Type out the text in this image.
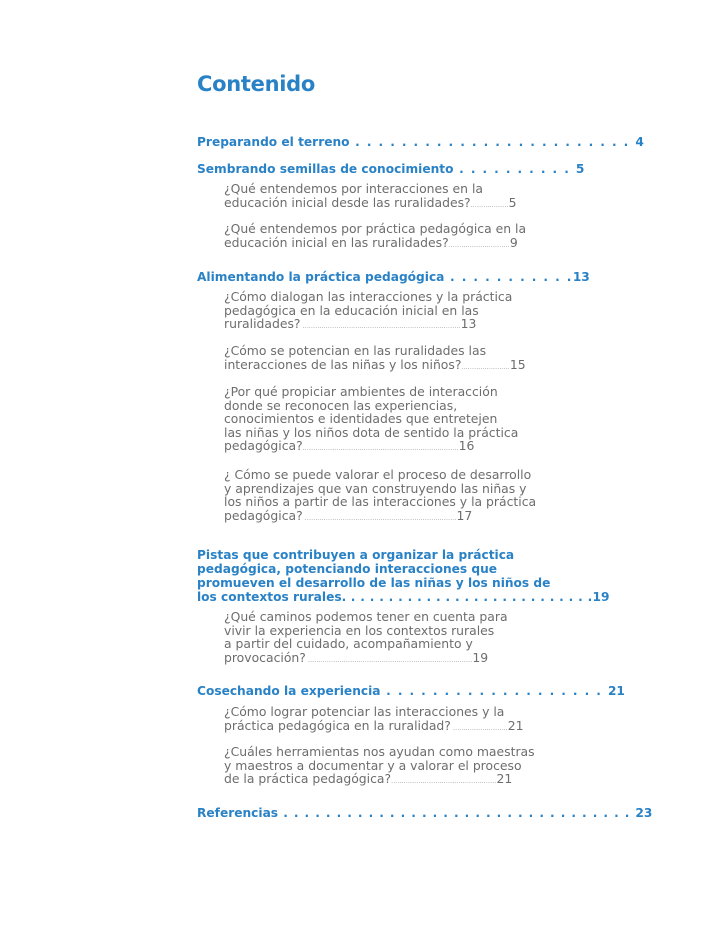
Contenido
Preparando el terreno . . . . . . . . . . . . . . . . . . . . . . . . 4
Sembrando semillas de conocimiento . . . . . . . . . . 5
¿Qué entendemos por interacciones en la
educación inicial desde las ruralidades?..................5
¿Qué entendemos por práctica pedagógica en la
educación inicial en las ruralidades?.............................9
Alimentando la práctica pedagógica . . . . . . . . . . .13
¿Cómo dialogan las interacciones y la práctica
pedagógica en la educación inicial en las
ruralidades? ...........................................................................13
¿Cómo se potencian en las ruralidades las
interacciones de las niñas y los niños?.......................15
¿Por qué propiciar ambientes de interacción
donde se reconocen las experiencias,
conocimientos e identidades que entretejen
las niñas y los niños dota de sentido la práctica
pedagógica?..........................................................................16
¿ Cómo se puede valorar el proceso de desarrollo
y aprendizajes que van construyendo las niñas y
los niños a partir de las interacciones y la práctica
pedagógica? ........................................................................17
Pistas que contribuyen a organizar la práctica
pedagógica, potenciando interacciones que
promueven el desarrollo de las niñas y los niños de
los contextos rurales. . . . . . . . . . . . . . . . . . . . . . . . . . .19
¿Qué caminos podemos tener en cuenta para
vivir la experiencia en los contextos rurales
a partir del cuidado, acompañamiento y
provocación? ..............................................................................19
Cosechando la experiencia . . . . . . . . . . . . . . . . . . . 21
¿Cómo lograr potenciar las interacciones y la
práctica pedagógica en la ruralidad? ..........................21
¿Cuáles herramientas nos ayudan como maestras
y maestros a documentar y a valorar el proceso
de la práctica pedagógica?..................................................21
Referencias . . . . . . . . . . . . . . . . . . . . . . . . . . . . . . . . . 23
